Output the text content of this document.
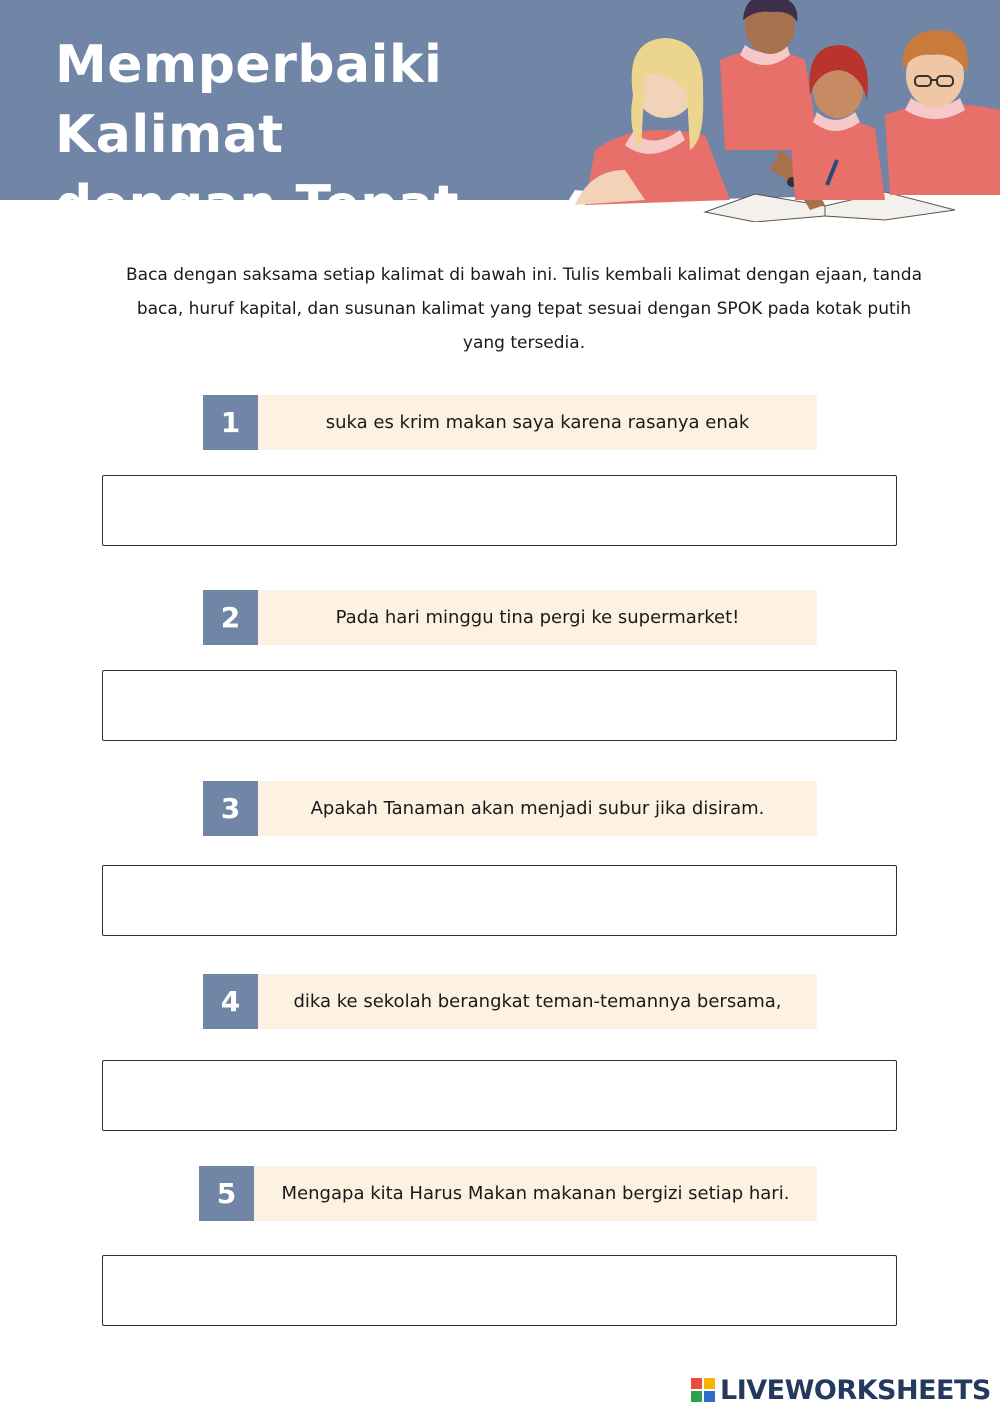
Memperbaiki Kalimat
dengan Tepat
Baca dengan saksama setiap kalimat di bawah ini. Tulis kembali kalimat dengan ejaan, tanda baca, huruf kapital, dan susunan kalimat yang tepat sesuai dengan SPOK pada kotak putih yang tersedia.
1	suka es krim makan saya karena rasanya enak
2	Pada hari minggu tina pergi ke supermarket!
3	Apakah Tanaman akan menjadi subur jika disiram.
4	dika ke sekolah berangkat teman-temannya bersama,
5	Mengapa kita Harus Makan makanan bergizi setiap hari.
LIVEWORKSHEETS
